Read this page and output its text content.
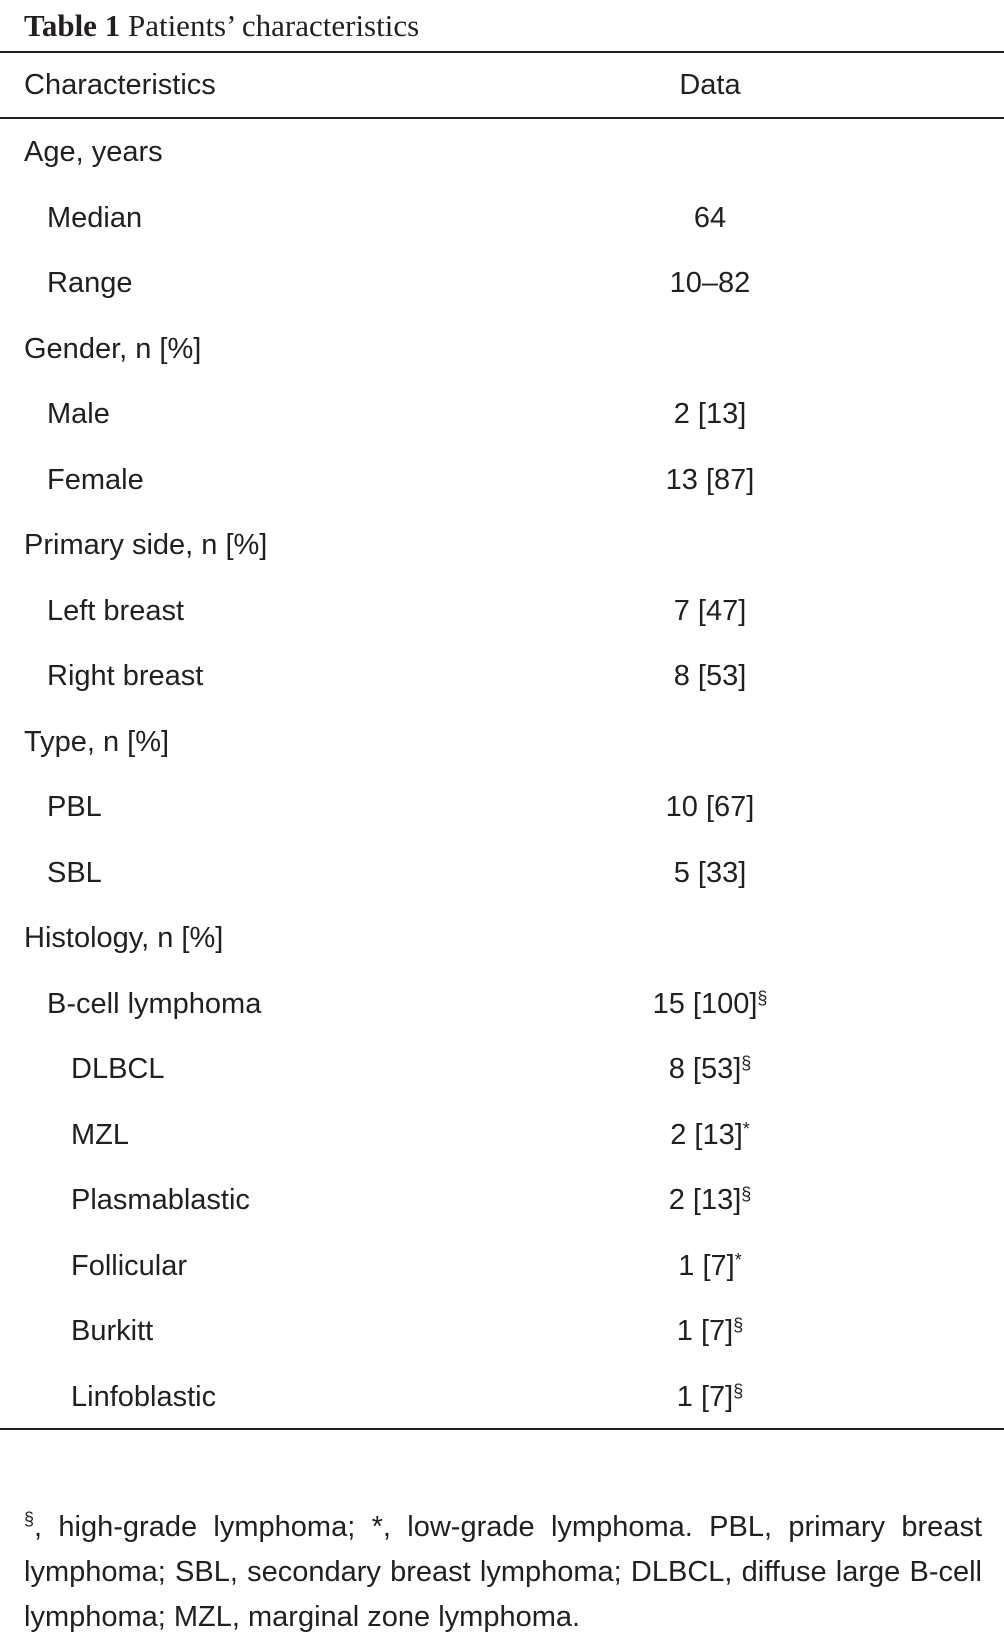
Table 1 Patients’ characteristics
Characteristics	Data
Age, years
Median	64
Range	10–82
Gender, n [%]
Male	2 [13]
Female	13 [87]
Primary side, n [%]
Left breast	7 [47]
Right breast	8 [53]
Type, n [%]
PBL	10 [67]
SBL	5 [33]
Histology, n [%]
B-cell lymphoma	15 [100]§
DLBCL	8 [53]§
MZL	2 [13]*
Plasmablastic	2 [13]§
Follicular	1 [7]*
Burkitt	1 [7]§
Linfoblastic	1 [7]§
§, high-grade lymphoma; *, low-grade lymphoma. PBL, primary breast lymphoma; SBL, secondary breast lymphoma; DLBCL, diffuse large B-cell lymphoma; MZL, marginal zone lymphoma.
